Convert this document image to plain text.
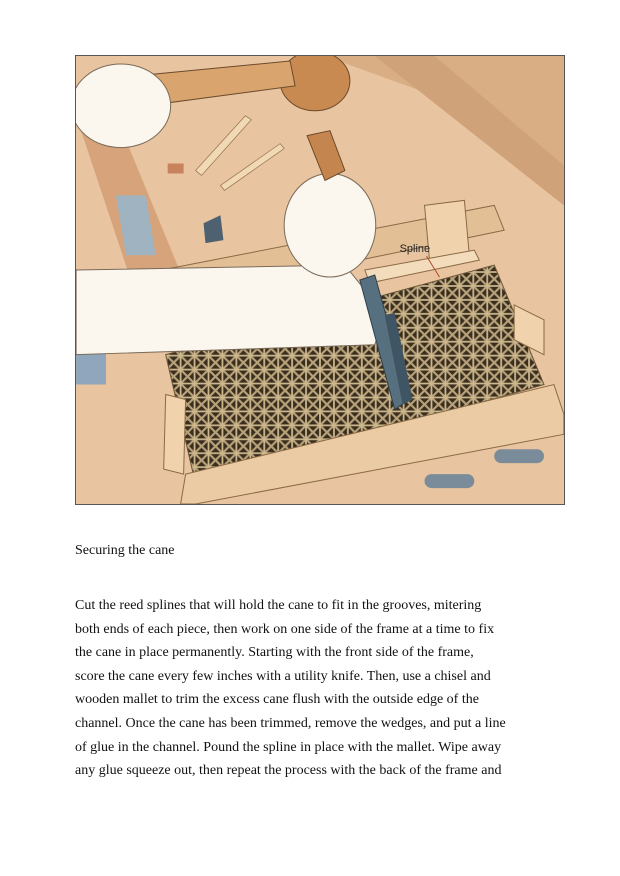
Spline

Securing the cane

Cut the reed splines that will hold the cane to fit in the grooves, mitering
both ends of each piece, then work on one side of the frame at a time to fix
the cane in place permanently. Starting with the front side of the frame,
score the cane every few inches with a utility knife. Then, use a chisel and
wooden mallet to trim the excess cane flush with the outside edge of the
channel. Once the cane has been trimmed, remove the wedges, and put a line
of glue in the channel. Pound the spline in place with the mallet. Wipe away
any glue squeeze out, then repeat the process with the back of the frame and
